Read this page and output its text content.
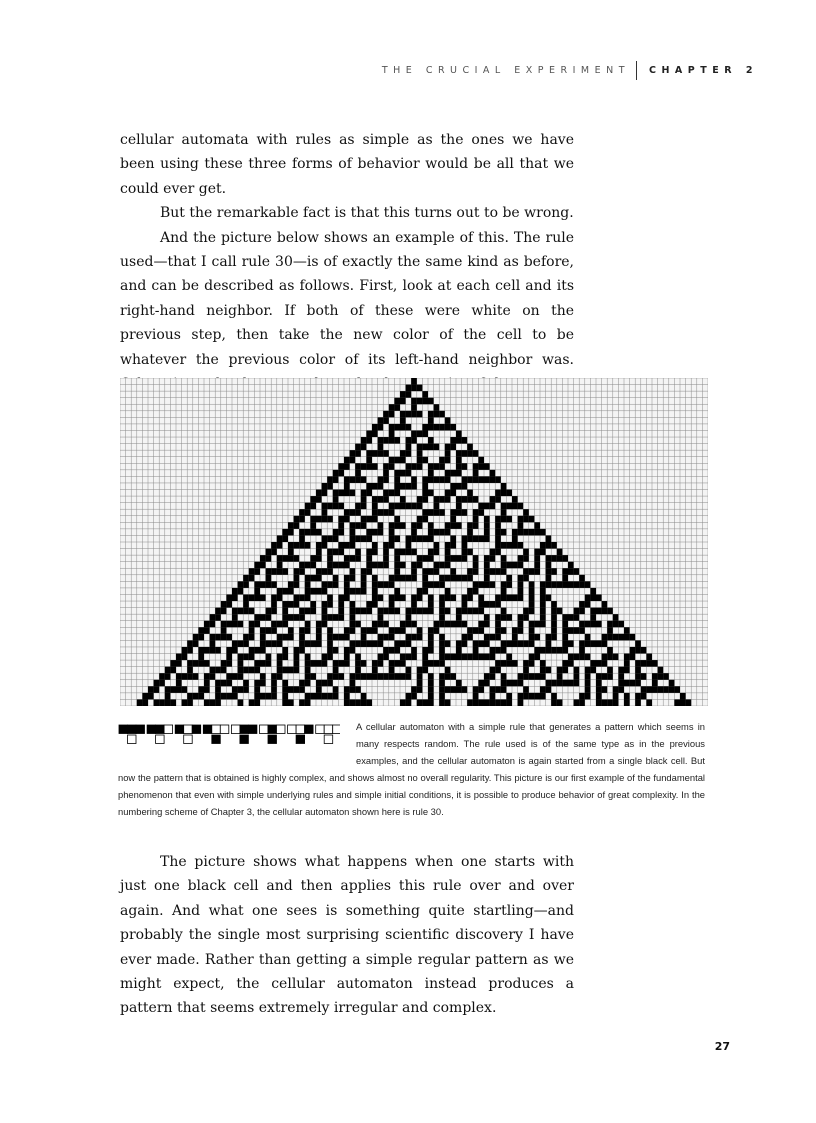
THE CRUCIAL EXPERIMENT CHAPTER 2

cellular automata with rules as simple as the ones we have been using these three forms of behavior would be all that we could ever get.

But the remarkable fact is that this turns out to be wrong.

And the picture below shows an example of this. The rule used—that I call rule 30—is of exactly the same kind as before, and can be described as follows. First, look at each cell and its right-hand neighbor. If both of these were white on the previous step, then take the new color of the cell to be whatever the previous color of its left-hand neighbor was.

A cellular automaton with a simple rule that generates a pattern which seems in many respects random. The rule used is of the same type as in the previous examples, and the cellular automaton is again started from a single black cell. But now the pattern that is obtained is highly complex, and shows almost no overall regularity. This picture is our first example of the fundamental phenomenon that even with simple underlying rules and simple initial conditions, it is possible to produce behavior of great complexity. In the numbering scheme of Chapter 3, the cellular automaton shown here is rule 30.

The picture shows what happens when one starts with just one black cell and then applies this rule over and over again. And what one sees is something quite startling—and probably the single most surprising scientific discovery I have ever made. Rather than getting a simple regular pattern as we might expect, the cellular automaton instead produces a pattern that seems extremely irregular and complex.

27
